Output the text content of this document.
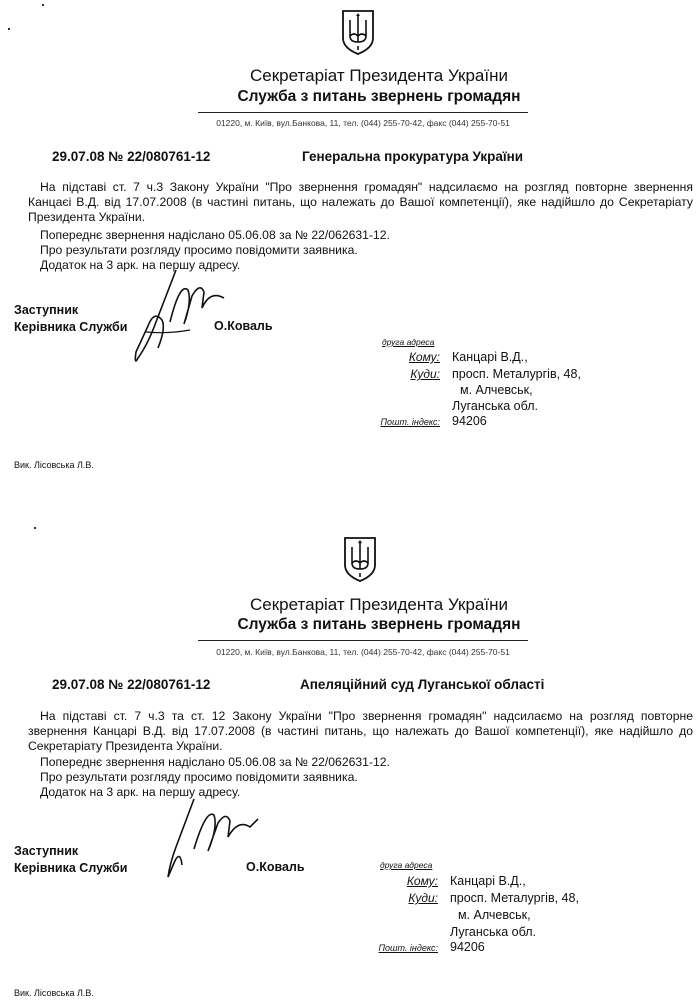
Секретаріат Президента України
Служба з питань звернень громадян
01220, м. Київ, вул.Банкова, 11, тел. (044) 255-70-42, факс (044) 255-70-51
29.07.08 № 22/080761-12	Генеральна прокуратура України
На підставі ст. 7 ч.3 Закону України "Про звернення громадян" надсилаємо на розгляд повторне звернення Канцаєі В.Д. від 17.07.2008 (в частині питань, що належать до Вашої компетенції), яке надійшло до Секретаріату Президента України.
Попереднє звернення надіслано 05.06.08 за № 22/062631-12.
Про результати розгляду просимо повідомити заявника.
Додаток на 3 арк. на першу адресу.
Заступник
Керівника Служби	О.Коваль
друга адреса
Кому: Канцарі В.Д.,
Куди: просп. Металургів, 48,
м. Алчевськ,
Луганська обл.
Пошт. індекс: 94206
Вик. Лісовська Л.В.
Секретаріат Президента України
Служба з питань звернень громадян
01220, м. Київ, вул.Банкова, 11, тел. (044) 255-70-42, факс (044) 255-70-51
29.07.08 № 22/080761-12	Апеляційний суд Луганської області
На підставі ст. 7 ч.3 та ст. 12 Закону України "Про звернення громадян" надсилаємо на розгляд повторне звернення Канцарі В.Д. від 17.07.2008 (в частині питань, що належать до Вашої компетенції), яке надійшло до Секретаріату Президента України.
Попереднє звернення надіслано 05.06.08 за № 22/062631-12.
Про результати розгляду просимо повідомити заявника.
Додаток на 3 арк. на першу адресу.
Заступник
Керівника Служби	О.Коваль	друга адреса
Кому: Канцарі В.Д.,
Куди: просп. Металургів, 48,
м. Алчевськ,
Луганська обл.
Пошт. індекс: 94206
Вик. Лісовська Л.В.
